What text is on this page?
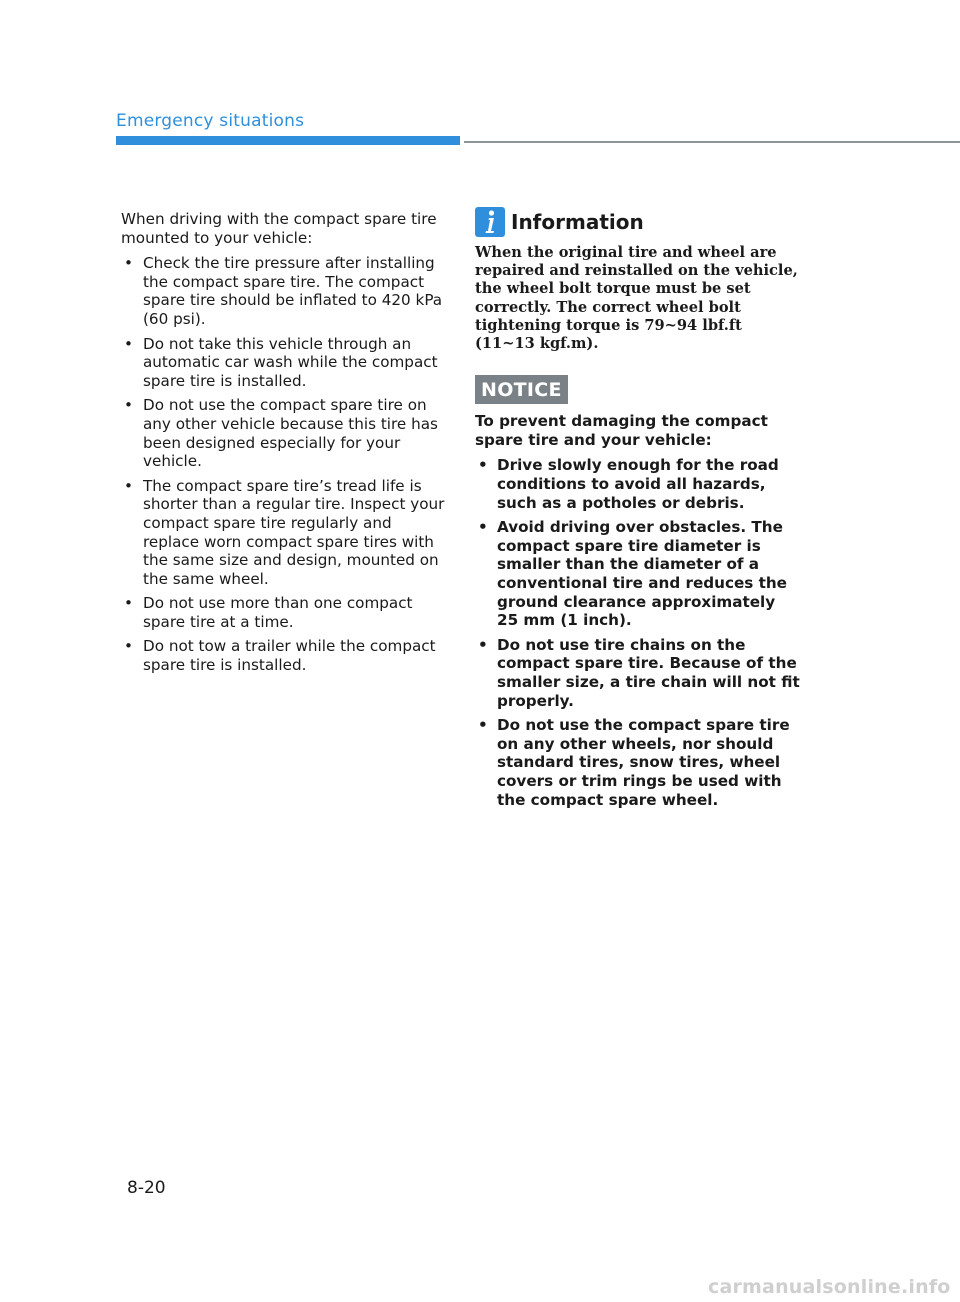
Emergency situations

When driving with the compact spare tire mounted to your vehicle:

• Check the tire pressure after installing the compact spare tire. The compact spare tire should be inflated to 420 kPa (60 psi).
• Do not take this vehicle through an automatic car wash while the compact spare tire is installed.
• Do not use the compact spare tire on any other vehicle because this tire has been designed especially for your vehicle.
• The compact spare tire’s tread life is shorter than a regular tire. Inspect your compact spare tire regularly and replace worn compact spare tires with the same size and design, mounted on the same wheel.
• Do not use more than one compact spare tire at a time.
• Do not tow a trailer while the compact spare tire is installed.
Information

When the original tire and wheel are repaired and reinstalled on the vehicle, the wheel bolt torque must be set correctly. The correct wheel bolt tightening torque is 79~94 lbf.ft (11~13 kgf.m).

NOTICE

To prevent damaging the compact spare tire and your vehicle:

• Drive slowly enough for the road conditions to avoid all hazards, such as a potholes or debris.
• Avoid driving over obstacles. The compact spare tire diameter is smaller than the diameter of a conventional tire and reduces the ground clearance approximately 25 mm (1 inch).
• Do not use tire chains on the compact spare tire. Because of the smaller size, a tire chain will not fit properly.
• Do not use the compact spare tire on any other wheels, nor should standard tires, snow tires, wheel covers or trim rings be used with the compact spare wheel.
8-20
carmanualsonline.info
